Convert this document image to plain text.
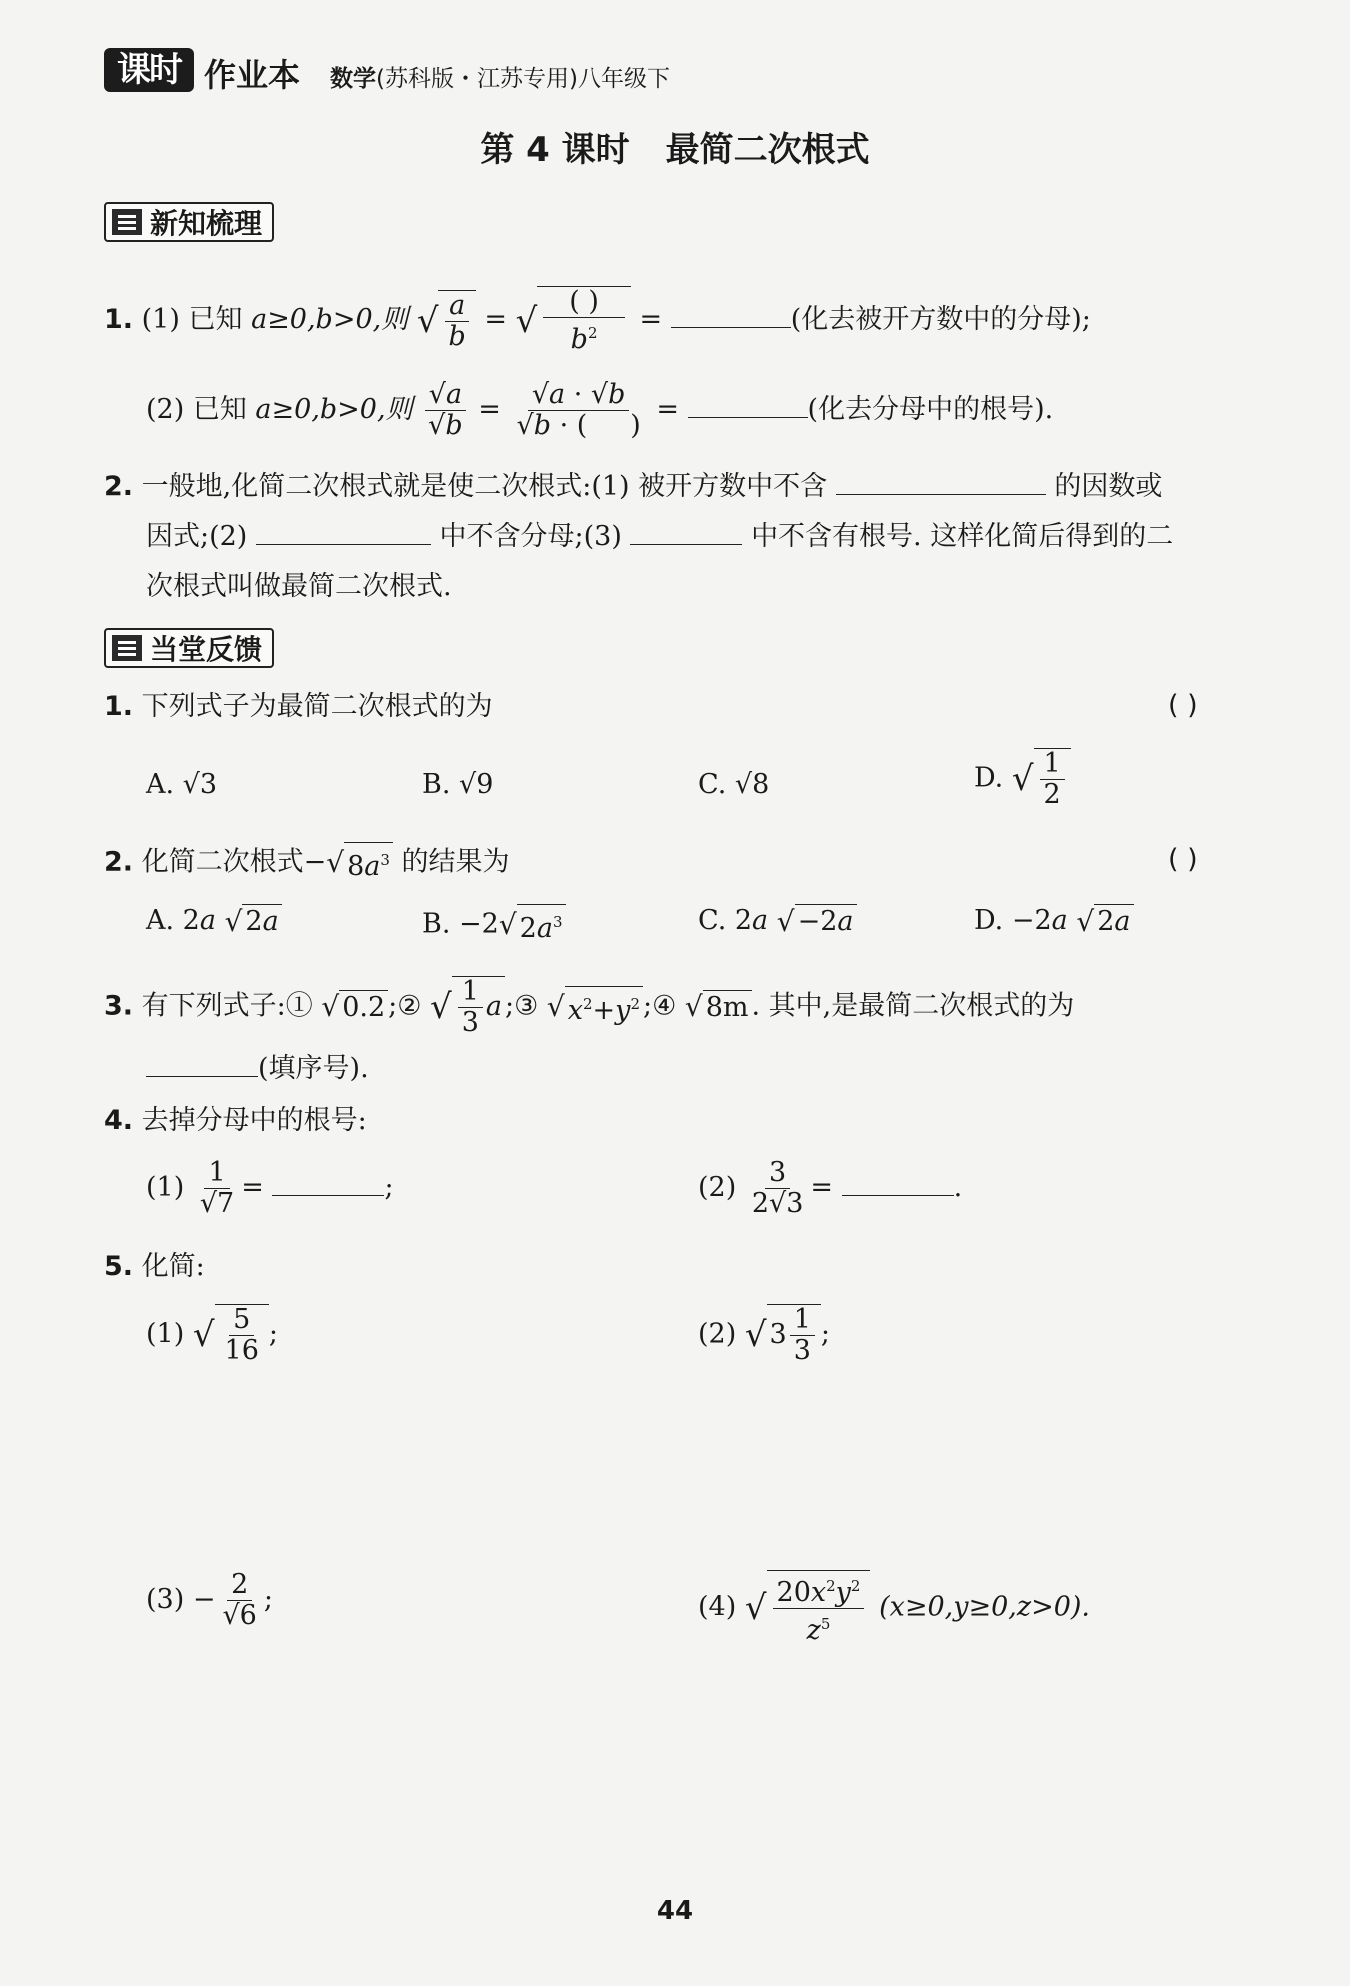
课时 作业本 数学(苏科版・江苏专用)八年级下
第 4 课时 最简二次根式
新知梳理
1. (1) 已知 a≥0,b>0,则 √ $\frac{a}{b}$ = √ $\frac{( )}{b^2}$ =	(化去被开方数中的分母);
(2) 已知 a≥0,b>0,则 $\frac{√a}{√b} = \frac{√a \cdot √b}{√b \cdot ( )}$ =	(化去分母中的根号).
2. 一般地,化简二次根式就是使二次根式:(1) 被开方数中不含	的因数或
因式;(2)	中不含分母;(3)	中不含有根号. 这样化简后得到的二
次根式叫做最简二次根式.
当堂反馈
1. 下列式子为最简二次根式的为	( )
A. √3	B. √9	C. √8	D. √ $\frac{1}{2}$
2. 化简二次根式−√ $8a^3$ 的结果为	( )
A. 2a √ 2a	B. −2√ $2a^3$	C. 2a √ −2a	D. −2a √ 2a
3. 有下列式子:① √ 0.2 ;② √ $\frac{1}{3}$ a ;③ √ $x^2+y^2$ ;④ √ 8m . 其中,是最简二次根式的为
(填序号).
4. 去掉分母中的根号:
$(1) \frac{1}{√7}$ =	;	$(2) \frac{3}{2√3}$ =	.
5. 化简:
(1) √ $\frac{5}{16}$ ;	(2) √ $3 \frac{1}{3}$ ;
$(3) - \frac{2}{√6}$ ;	(4) √ $\frac{20x^2y^2}{z^5} (x\ge 0,y\ge 0,z>0)$.
44
